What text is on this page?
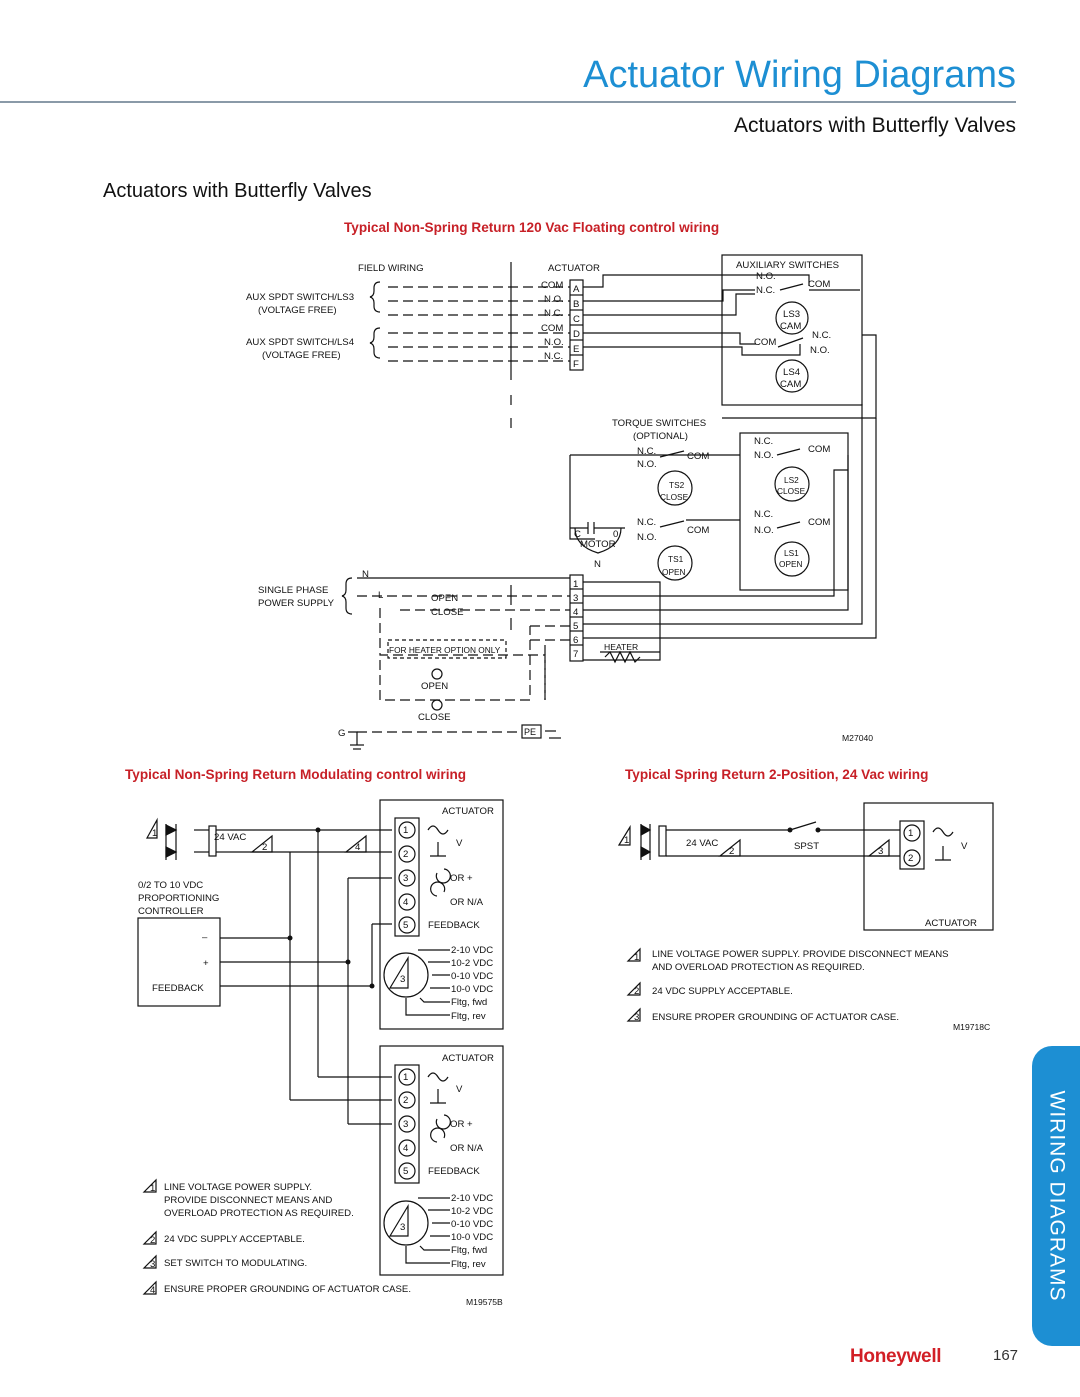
Actuator Wiring Diagrams
Actuators with Butterfly Valves
Actuators with Butterfly Valves
Typical Non-Spring Return 120 Vac Floating control wiring
Typical Non-Spring Return Modulating control wiring	Typical Spring Return 2-Position, 24 Vac wiring
FIELD WIRING	ACTUATOR	AUXILIARY SWITCHES
AUX SPDT SWITCH/LS3
(VOLTAGE FREE)
AUX SPDT SWITCH/LS4
(VOLTAGE FREE)
COM
N.O.
N.C.
COM
N.O.
N.C.
A
B
C
D
E
F
N.O.
COM
N.C.
LS3
CAM
N.C.
COM
N.O.
LS4
CAM
TORQUE SWITCHES
(OPTIONAL)
N.C.	COM
N.O.
N.C.
COM
N.O.
N.C.
COM
N.O.
N.C.
COM
N.O.
C	0
MOTOR
N
1
3
4
5
6
7
N
L
SINGLE PHASE
POWER SUPPLY	OPEN
CLOSE
FOR HEATER OPTION ONLY	HEATER
OPEN
CLOSE
G	PE
M27040
TS2
CLOSE
TS1
OPEN
LS2
CLOSE
LS1
OPEN
1	24 VAC
2	4
ACTUATOR
0/2 TO 10 VDC
PROPORTIONING
CONTROLLER
–
+
FEEDBACK
1
2
3
4
5
V
OR +
OR N/A
FEEDBACK
3
2-10 VDC
10-2 VDC
0-10 VDC
10-0 VDC
Fltg, fwd
Fltg, rev
ACTUATOR
1
2
3
4
5
V
OR +
OR N/A
FEEDBACK
3
2-10 VDC
10-2 VDC
0-10 VDC
10-0 VDC
Fltg, fwd
Fltg, rev
1 LINE VOLTAGE POWER SUPPLY.
PROVIDE DISCONNECT MEANS AND
OVERLOAD PROTECTION AS REQUIRED.
2 24 VDC SUPPLY ACCEPTABLE.
3 SET SWITCH TO MODULATING.
4 ENSURE PROPER GROUNDING OF ACTUATOR CASE.
M19575B
1	24 VAC
2	SPST	3
1
2
V
ACTUATOR
1 LINE VOLTAGE POWER SUPPLY. PROVIDE DISCONNECT MEANS
AND OVERLOAD PROTECTION AS REQUIRED.
2 24 VDC SUPPLY ACCEPTABLE.
3 ENSURE PROPER GROUNDING OF ACTUATOR CASE.
M19718C
WIRING DIAGRAMS
Honeywell	167
